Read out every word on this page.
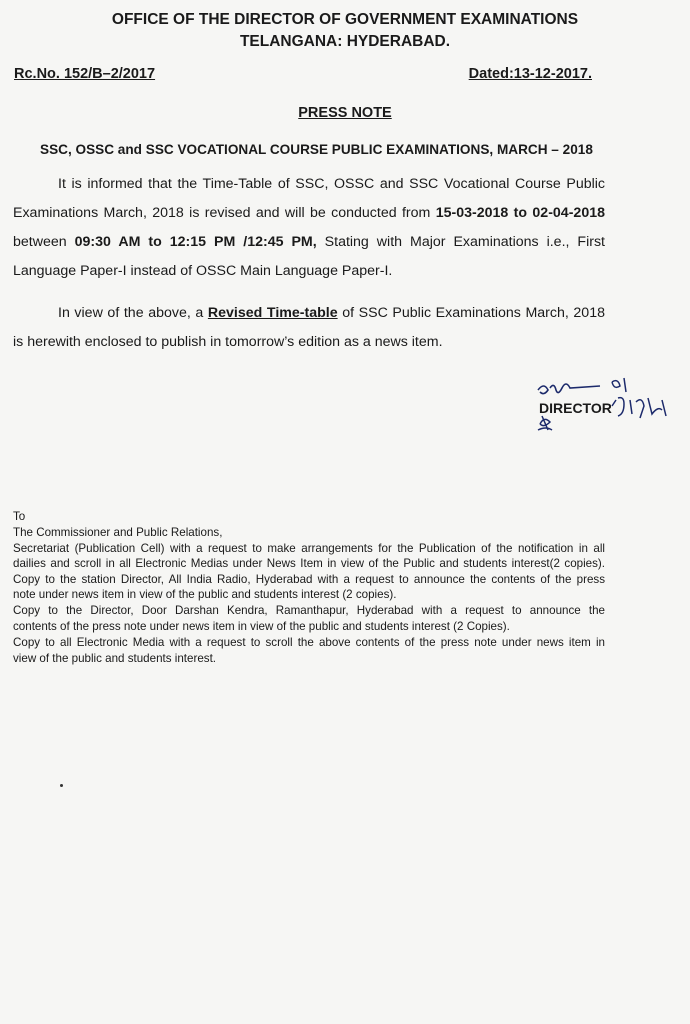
OFFICE OF THE DIRECTOR OF GOVERNMENT EXAMINATIONS
TELANGANA: HYDERABAD.
Rc.No. 152/B–2/2017	Dated:13-12-2017.
PRESS NOTE
SSC, OSSC and SSC VOCATIONAL COURSE PUBLIC EXAMINATIONS, MARCH – 2018
It is informed that the Time-Table of SSC, OSSC and SSC Vocational Course Public
Examinations March, 2018 is revised and will be conducted from 15-03-2018 to 02-04-2018
between 09:30 AM to 12:15 PM /12:45 PM, Stating with Major Examinations i.e., First
Language Paper-I instead of OSSC Main Language Paper-I.
In view of the above, a Revised Time-table of SSC Public Examinations March, 2018
is herewith enclosed to publish in tomorrow’s edition as a news item.
DIRECTOR
To
The Commissioner and Public Relations,
Secretariat (Publication Cell) with a request to make arrangements for the Publication of the notification in all
dailies and scroll in all Electronic Medias under News Item in view of the Public and students interest(2 copies).
Copy to the station Director, All India Radio, Hyderabad with a request to announce the contents of the press
note under news item in view of the public and students interest (2 copies).
Copy to the Director, Door Darshan Kendra, Ramanthapur, Hyderabad with a request to announce the
contents of the press note under news item in view of the public and students interest (2 Copies).
Copy to all Electronic Media with a request to scroll the above contents of the press note under news item in
view of the public and students interest.
